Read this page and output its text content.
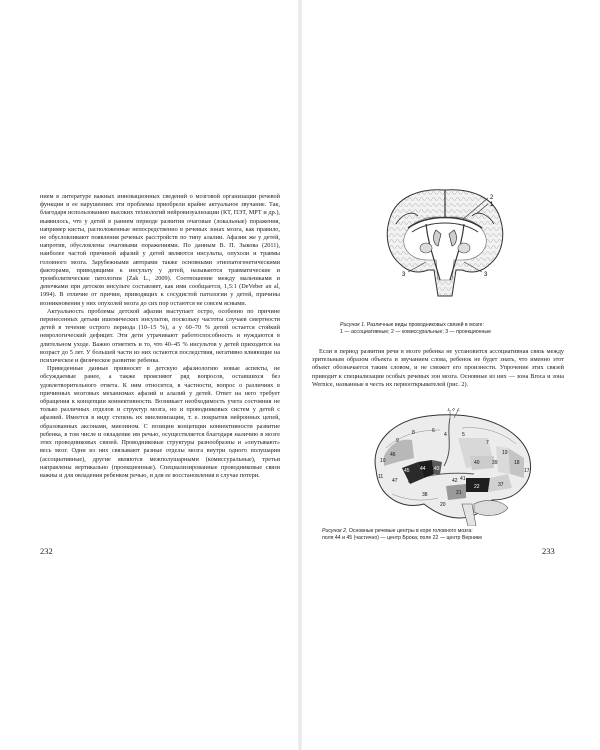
нием в литературе важных инновационных сведений о мозговой организации речевой функции и ее нарушениях эти проблемы приобрели крайне актуальное звучание. Так, благодаря использованию высоких технологий нейровизуализации (КТ, ПЭТ, МРТ и др.), выявилось, что у детей в раннем периоде развития очаговые (локальные) поражения, например кисты, расположенные непосредственно в речевых зонах мозга, как правило, не обусловливают появления речевых расстройств по типу алалии. Афазии же у детей, напротив, обусловлены очаговыми поражениями. По данным В. П. Зыкова (2011), наиболее частой причиной афазий у детей являются инсульты, опухоли и травмы головного мозга. Зарубежными авторами также основными этиопатогенетическими факторами, приводящими к инсульту у детей, называются травматические и тромболитические патологии (Zak L., 2009). Соотношение между мальчиками и девочками при детском инсульте составляет, как ими сообщается, 1,5:1 (DeVeber an al, 1994). В отличие от причин, приводящих к сосудистой патологии у детей, причины возникновения у них опухолей мозга до сих пор остаются не совсем ясными.

Актуальность проблемы детской афазии выступает остро, особенно по причине перенесенных детьми ишемических инсультов, поскольку частоты случаев смертности детей в течение острого периода (10–15 %), а у 60–70 % детей остается стойкий неврологический дефицит. Эти дети утрачивают работоспособность и нуждаются в длительном уходе. Важно отметить и то, что 40–45 % инсультов у детей приходится на возраст до 5 лет. У большей части из них остаются последствия, негативно влияющие на психическое и физическое развитие ребенка.

Приведенные данные привносят в детскую афазиологию новые аспекты, не обсуждаемые ранее, а также проясняют ряд вопросов, оставшихся без удовлетворительного ответа. К ним относится, в частности, вопрос о различиях в причинных мозговых механизмах афазий и алалий у детей. Ответ на него требует обращения к концепции коннективности. Возникает необходимость учета состояния не только различных отделов и структур мозга, но и проводниковых систем у детей с афазией. Имеется в виду степень их миелинизации, т. е. покрытия нейронных цепей, образованных аксонами, миелином. С позиции концепции коннективности развитие ребенка, в том числе и овладение им речью, осуществляется благодаря наличию в мозге этих проводниковых связей. Проводниковые структуры разнообразны и «опутывают» весь мозг. Одни из них связывают разные отделы мозга внутри одного полушария (ассоциативные), другие являются межполушарными (комиссуральные), третьи направлены вертикально (проекционные). Специализированные проводниковые связи важны и для овладения ребенком речью, и для ее восстановления в случае потери.

232
1
2
3	3
Рисунок 1. Различные виды проводниковых связей в мозге:
1 — ассоциативные; 2 — комиссуральные; 3 — проекционные

Если в период развития речи в мозге ребенка не установится ассоциативная связь между зрительным образом объекта и звучанием слова, ребенок не будет знать, что именно этот объект обозначается таким словом, и не сможет его произнести. Упрочение этих связей приводит к специализации особых речевых зон мозга. Основные из них — зона Broca и зона Wernice, названные в честь их первооткрывателей (рис. 2).

1 3 2
5
7
6
4
8
9
10
46
45 44 43
40 39
41
42
22
19
18
17
21
37
38
20
11
47
Рисунок 2. Основные речевые центры в коре головного мозга:
поля 44 и 45 (частично) — центр Брока; поле 22 — центр Вернике
233
